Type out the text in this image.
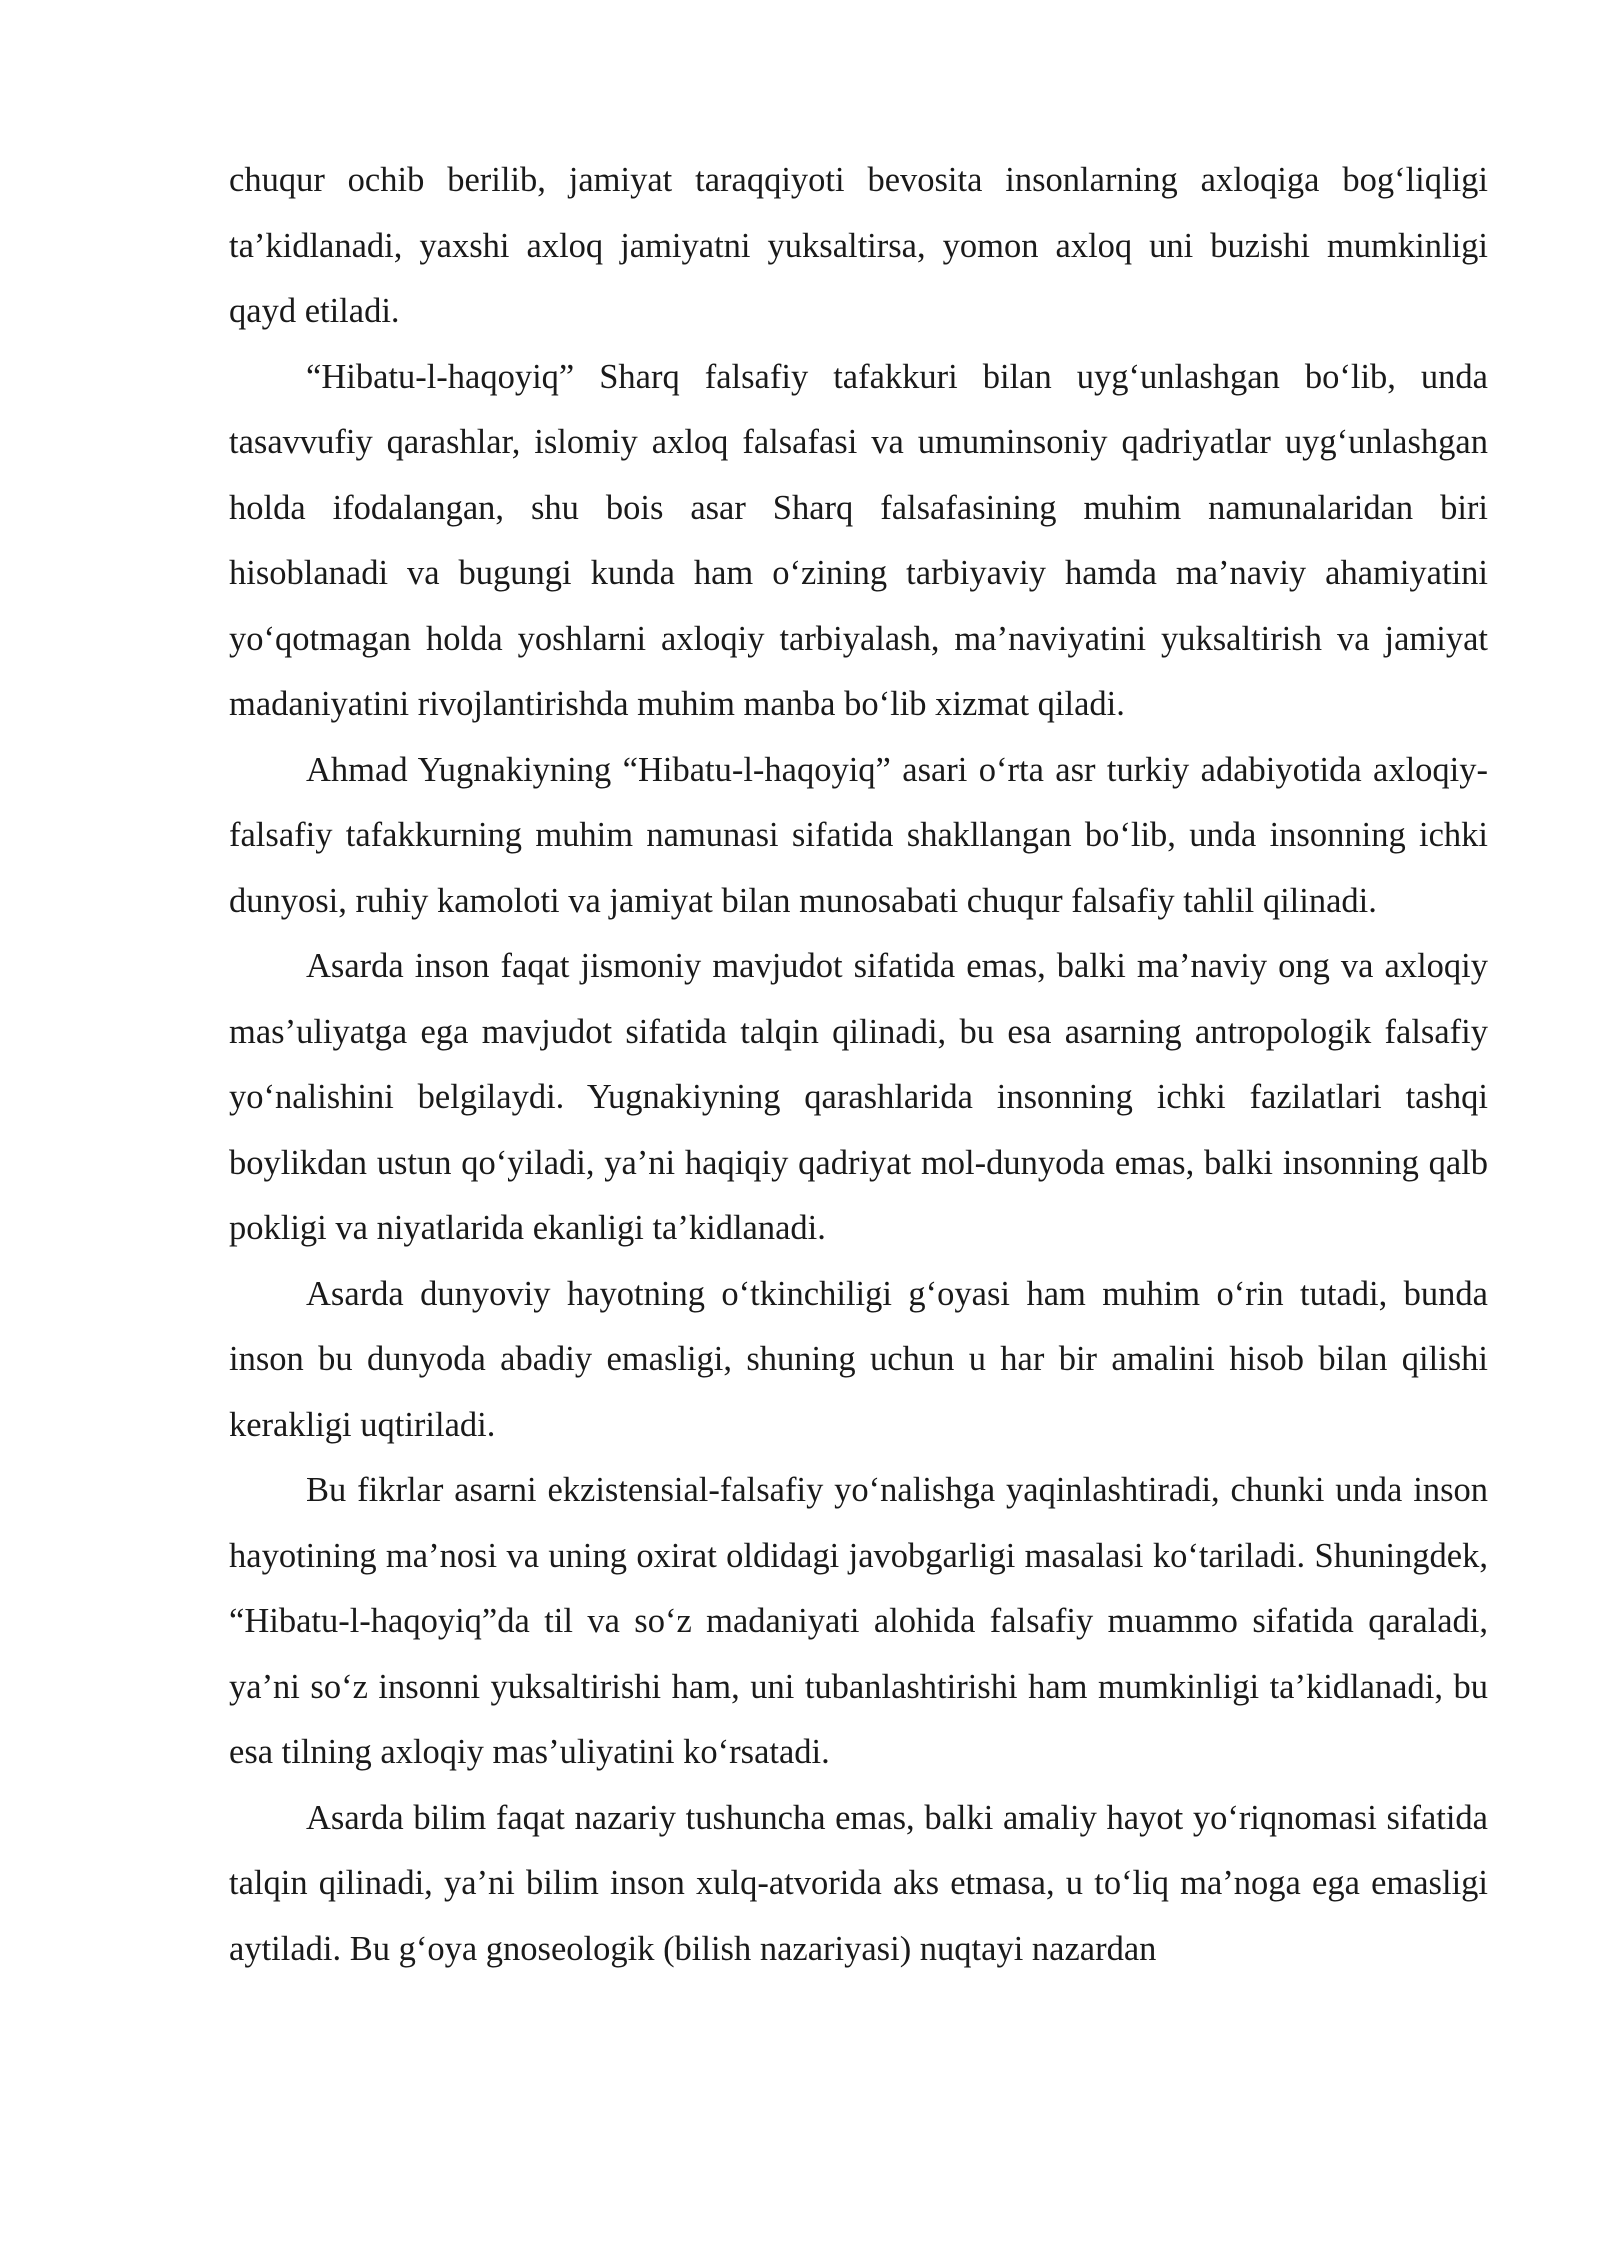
chuqur ochib berilib, jamiyat taraqqiyoti bevosita insonlarning axloqiga bog‘liqligi ta’kidlanadi, yaxshi axloq jamiyatni yuksaltirsa, yomon axloq uni buzishi mumkinligi qayd etiladi.

“Hibatu-l-haqoyiq” Sharq falsafiy tafakkuri bilan uyg‘unlashgan bo‘lib, unda tasavvufiy qarashlar, islomiy axloq falsafasi va umuminsoniy qadriyatlar uyg‘unlashgan holda ifodalangan, shu bois asar Sharq falsafasining muhim namunalaridan biri hisoblanadi va bugungi kunda ham o‘zining tarbiyaviy hamda ma’naviy ahamiyatini yo‘qotmagan holda yoshlarni axloqiy tarbiyalash, ma’naviyatini yuksaltirish va jamiyat madaniyatini rivojlantirishda muhim manba bo‘lib xizmat qiladi.

Ahmad Yugnakiyning “Hibatu-l-haqoyiq” asari o‘rta asr turkiy adabiyotida axloqiy-falsafiy tafakkurning muhim namunasi sifatida shakllangan bo‘lib, unda insonning ichki dunyosi, ruhiy kamoloti va jamiyat bilan munosabati chuqur falsafiy tahlil qilinadi.

Asarda inson faqat jismoniy mavjudot sifatida emas, balki ma’naviy ong va axloqiy mas’uliyatga ega mavjudot sifatida talqin qilinadi, bu esa asarning antropologik falsafiy yo‘nalishini belgilaydi. Yugnakiyning qarashlarida insonning ichki fazilatlari tashqi boylikdan ustun qo‘yiladi, ya’ni haqiqiy qadriyat mol-dunyoda emas, balki insonning qalb pokligi va niyatlarida ekanligi ta’kidlanadi.

Asarda dunyoviy hayotning o‘tkinchiligi g‘oyasi ham muhim o‘rin tutadi, bunda inson bu dunyoda abadiy emasligi, shuning uchun u har bir amalini hisob bilan qilishi kerakligi uqtiriladi.

Bu fikrlar asarni ekzistensial-falsafiy yo‘nalishga yaqinlashtiradi, chunki unda inson hayotining ma’nosi va uning oxirat oldidagi javobgarligi masalasi ko‘tariladi. Shuningdek, “Hibatu-l-haqoyiq”da til va so‘z madaniyati alohida falsafiy muammo sifatida qaraladi, ya’ni so‘z insonni yuksaltirishi ham, uni tubanlashtirishi ham mumkinligi ta’kidlanadi, bu esa tilning axloqiy mas’uliyatini ko‘rsatadi.

Asarda bilim faqat nazariy tushuncha emas, balki amaliy hayot yo‘riqnomasi sifatida talqin qilinadi, ya’ni bilim inson xulq-atvorida aks etmasa, u to‘liq ma’noga ega emasligi aytiladi. Bu g‘oya gnoseologik (bilish nazariyasi) nuqtayi nazardan
